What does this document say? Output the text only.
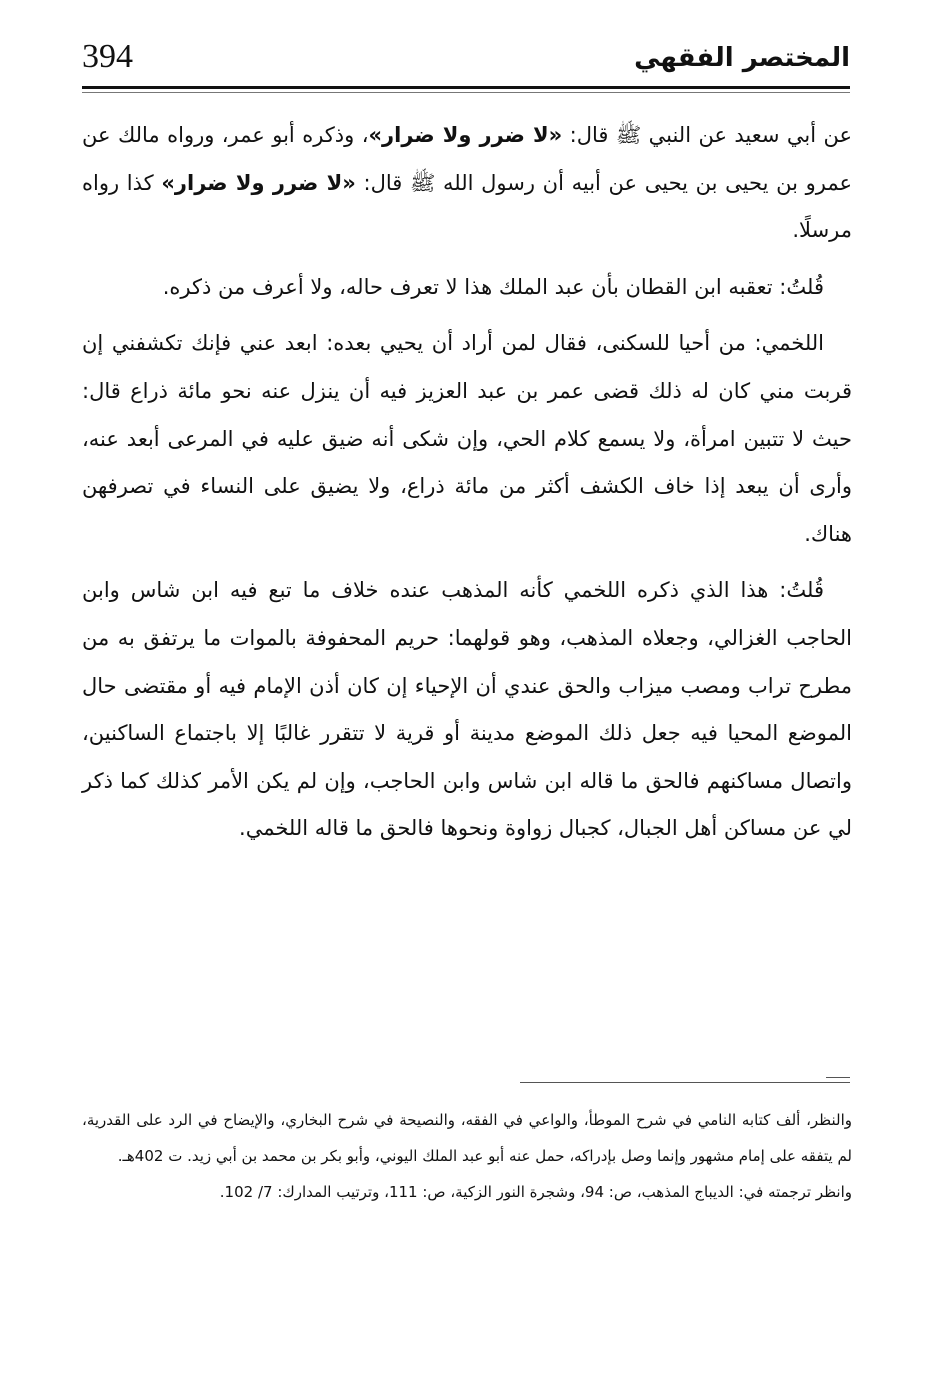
394	المختصر الفقهي

عن أبي سعيد عن النبي ﷺ قال: «لا ضرر ولا ضرار»، وذكره أبو عمر، ورواه مالك عن عمرو بن يحيى بن يحيى عن أبيه أن رسول الله ﷺ قال: «لا ضرر ولا ضرار» كذا رواه مرسلًا.

قُلتُ: تعقبه ابن القطان بأن عبد الملك هذا لا تعرف حاله، ولا أعرف من ذكره.

اللخمي: من أحيا للسكنى، فقال لمن أراد أن يحيي بعده: ابعد عني فإنك تكشفني إن قربت مني كان له ذلك قضى عمر بن عبد العزيز فيه أن ينزل عنه نحو مائة ذراع قال: حيث لا تتبين امرأة، ولا يسمع كلام الحي، وإن شكى أنه ضيق عليه في المرعى أبعد عنه، وأرى أن يبعد إذا خاف الكشف أكثر من مائة ذراع، ولا يضيق على النساء في تصرفهن هناك.

قُلتُ: هذا الذي ذكره اللخمي كأنه المذهب عنده خلاف ما تبع فيه ابن شاس وابن الحاجب الغزالي، وجعلاه المذهب، وهو قولهما: حريم المحفوفة بالموات ما يرتفق به من مطرح تراب ومصب ميزاب والحق عندي أن الإحياء إن كان أذن الإمام فيه أو مقتضى حال الموضع المحيا فيه جعل ذلك الموضع مدينة أو قرية لا تتقرر غالبًا إلا باجتماع الساكنين، واتصال مساكنهم فالحق ما قاله ابن شاس وابن الحاجب، وإن لم يكن الأمر كذلك كما ذكر لي عن مساكن أهل الجبال، كجبال زواوة ونحوها فالحق ما قاله اللخمي.

والنظر، ألف كتابه النامي في شرح الموطأ، والواعي في الفقه، والنصيحة في شرح البخاري، والإيضاح في الرد على القدرية، لم يتفقه على إمام مشهور وإنما وصل بإدراكه، حمل عنه أبو عبد الملك اليوني، وأبو بكر بن محمد بن أبي زيد. ت 402هـ.

وانظر ترجمته في: الديباج المذهب، ص: 94، وشجرة النور الزكية، ص: 111، وترتيب المدارك: 7/ 102.
